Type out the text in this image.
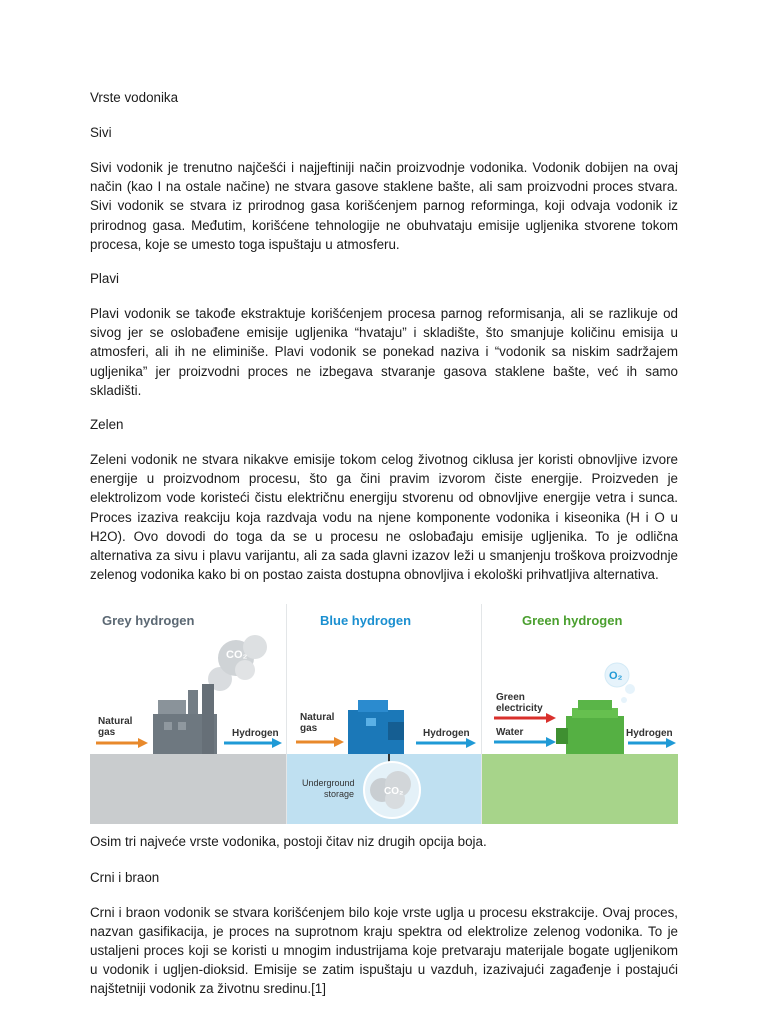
Vrste vodonika

Sivi

Sivi vodonik je trenutno najčešći i najjeftiniji način proizvodnje vodonika. Vodonik dobijen na ovaj način (kao I na ostale načine) ne stvara gasove staklene bašte, ali sam proizvodni proces stvara. Sivi vodonik se stvara iz prirodnog gasa korišćenjem parnog reforminga, koji odvaja vodonik iz prirodnog gasa. Međutim, korišćene tehnologije ne obuhvataju emisije ugljenika stvorene tokom procesa, koje se umesto toga ispuštaju u atmosferu.

Plavi

Plavi vodonik se takođe ekstraktuje korišćenjem procesa parnog reformisanja, ali se razlikuje od sivog jer se oslobađene emisije ugljenika “hvataju” i skladište, što smanjuje količinu emisija u atmosferi, ali ih ne eliminiše. Plavi vodonik se ponekad naziva i “vodonik sa niskim sadržajem ugljenika” jer proizvodni proces ne izbegava stvaranje gasova staklene bašte, već ih samo skladišti.

Zelen

Zeleni vodonik ne stvara nikakve emisije tokom celog životnog ciklusa jer koristi obnovljive izvore energije u proizvodnom procesu, što ga čini pravim izvorom čiste energije. Proizveden je elektrolizom vode koristeći čistu električnu energiju stvorenu od obnovljive energije vetra i sunca. Proces izaziva reakciju koja razdvaja vodu na njene komponente vodonika i kiseonika (H i O u H2O). Ovo dovodi do toga da se u procesu ne oslobađaju emisije ugljenika. To je odlična alternativa za sivu i plavu varijantu, ali za sada glavni izazov leži u smanjenju troškova proizvodnje zelenog vodonika kako bi on postao zaista dostupna obnovljiva i ekološki prihvatljiva alternativa.

Grey hydrogen
CO₂
Natural
gas	Hydrogen
Blue hydrogen
Natural
gas	Hydrogen
CO₂
Underground
storage
Green hydrogen
O₂
Green
electricity
Water	Hydrogen

Osim tri najveće vrste vodonika, postoji čitav niz drugih opcija boja.

Crni i braon

Crni i braon vodonik se stvara korišćenjem bilo koje vrste uglja u procesu ekstrakcije. Ovaj proces, nazvan gasifikacija, je proces na suprotnom kraju spektra od elektrolize zelenog vodonika. To je ustaljeni proces koji se koristi u mnogim industrijama koje pretvaraju materijale bogate ugljenikom u vodonik i ugljen-dioksid. Emisije se zatim ispuštaju u vazduh, izazivajući zagađenje i postajući najštetniji vodonik za životnu sredinu.[1]
